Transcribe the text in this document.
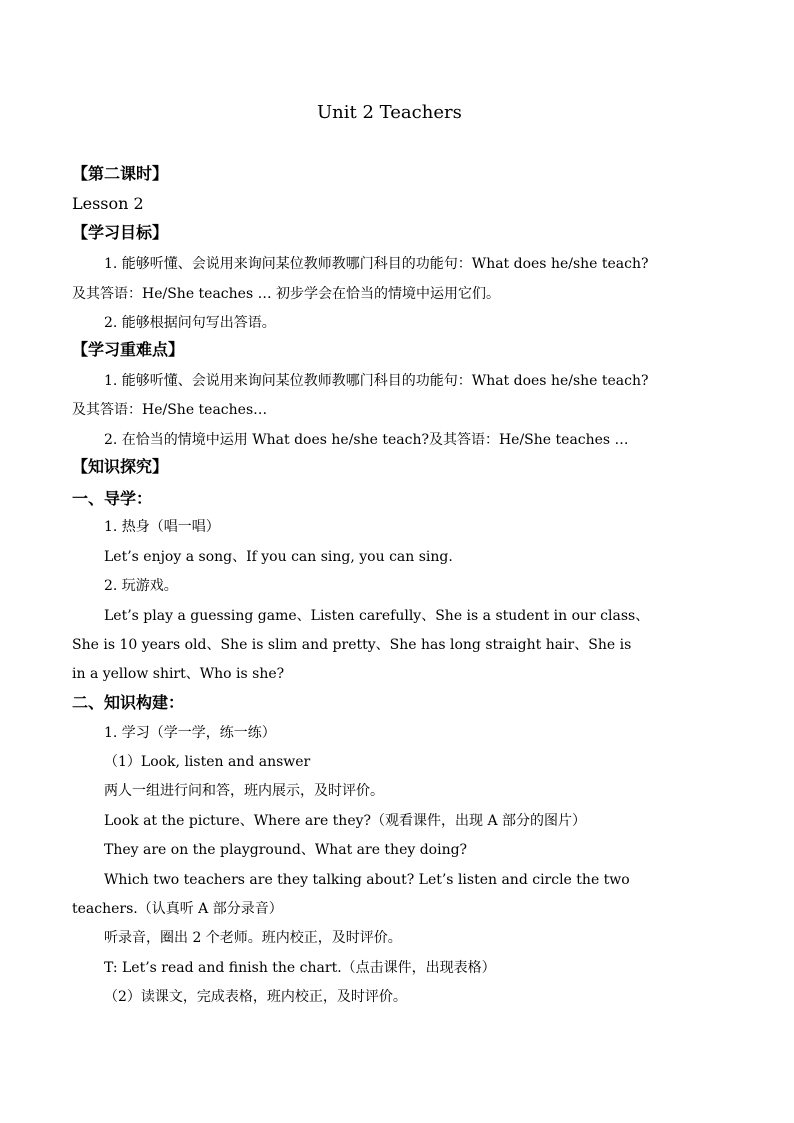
Unit 2 Teachers
【第二课时】
Lesson 2
【学习目标】
1. 能够听懂、会说用来询问某位教师教哪门科目的功能句：What does he/she teach?
及其答语：He/She teaches … 初步学会在恰当的情境中运用它们。
2. 能够根据问句写出答语。
【学习重难点】
1. 能够听懂、会说用来询问某位教师教哪门科目的功能句：What does he/she teach?
及其答语：He/She teaches…
2. 在恰当的情境中运用 What does he/she teach?及其答语：He/She teaches …
【知识探究】
一、导学：
1. 热身（唱一唱）
Let’s enjoy a song、If you can sing, you can sing.
2. 玩游戏。
Let’s play a guessing game、Listen carefully、She is a student in our class、
She is 10 years old、She is slim and pretty、She has long straight hair、She is
in a yellow shirt、Who is she?
二、知识构建：
1. 学习（学一学，练一练）
（1）Look, listen and answer
两人一组进行问和答，班内展示，及时评价。
Look at the picture、Where are they?（观看课件，出现 A 部分的图片）
They are on the playground、What are they doing?
Which two teachers are they talking about? Let’s listen and circle the two
teachers.（认真听 A 部分录音）
听录音，圈出 2 个老师。班内校正，及时评价。
T: Let’s read and finish the chart.（点击课件，出现表格）
（2）读课文，完成表格，班内校正，及时评价。
